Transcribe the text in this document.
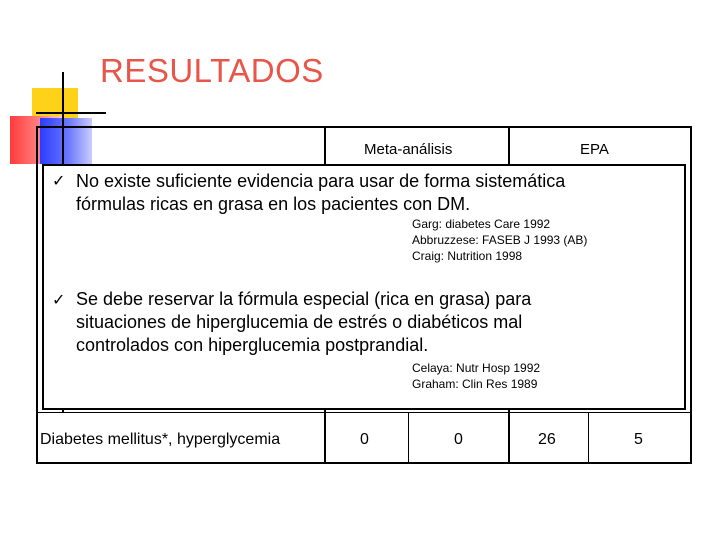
RESULTADOS
Meta-análisis	EPA
Diabetes mellitus*, hyperglycemia	0	0	26	5
✓ No existe suficiente evidencia para usar de forma sistemática
fórmulas ricas en grasa en los pacientes con DM.
Garg: diabetes Care 1992
Abbruzzese: FASEB J 1993 (AB)
Craig: Nutrition 1998
✓ Se debe reservar la fórmula especial (rica en grasa) para
situaciones de hiperglucemia de estrés o diabéticos mal
controlados con hiperglucemia postprandial.
Celaya: Nutr Hosp 1992
Graham: Clin Res 1989
